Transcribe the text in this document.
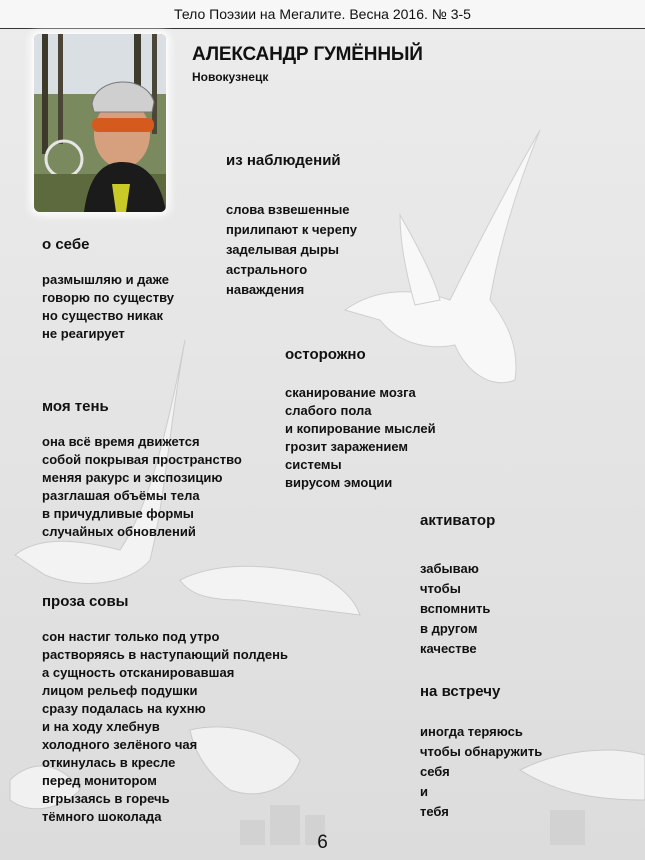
Тело Поэзии на Мегалите. Весна 2016. № 3-5
АЛЕКСАНДР ГУМЁННЫЙ
Новокузнецк
о себе
размышляю и даже
говорю по существу
но существо никак
не реагирует
моя тень
она всё время движется
собой покрывая пространство
меняя ракурс и экспозицию
разглашая объёмы тела
в причудливые формы
случайных обновлений
проза совы
сон настиг только под утро
растворяясь в наступающий полдень
а сущность отсканировавшая
лицом рельеф подушки
сразу подалась на кухню
и на ходу хлебнув
холодного зелёного чая
откинулась в кресле
перед монитором
вгрызаясь в горечь
тёмного шоколада
из наблюдений
слова взвешенные
прилипают к черепу
заделывая дыры
астрального
наваждения
осторожно
сканирование мозга
слабого пола
и копирование мыслей
грозит заражением
системы
вирусом эмоции
активатор
забываю
чтобы
вспомнить
в другом
качестве
на встречу
иногда теряюсь
чтобы обнаружить
себя
и
тебя
6
